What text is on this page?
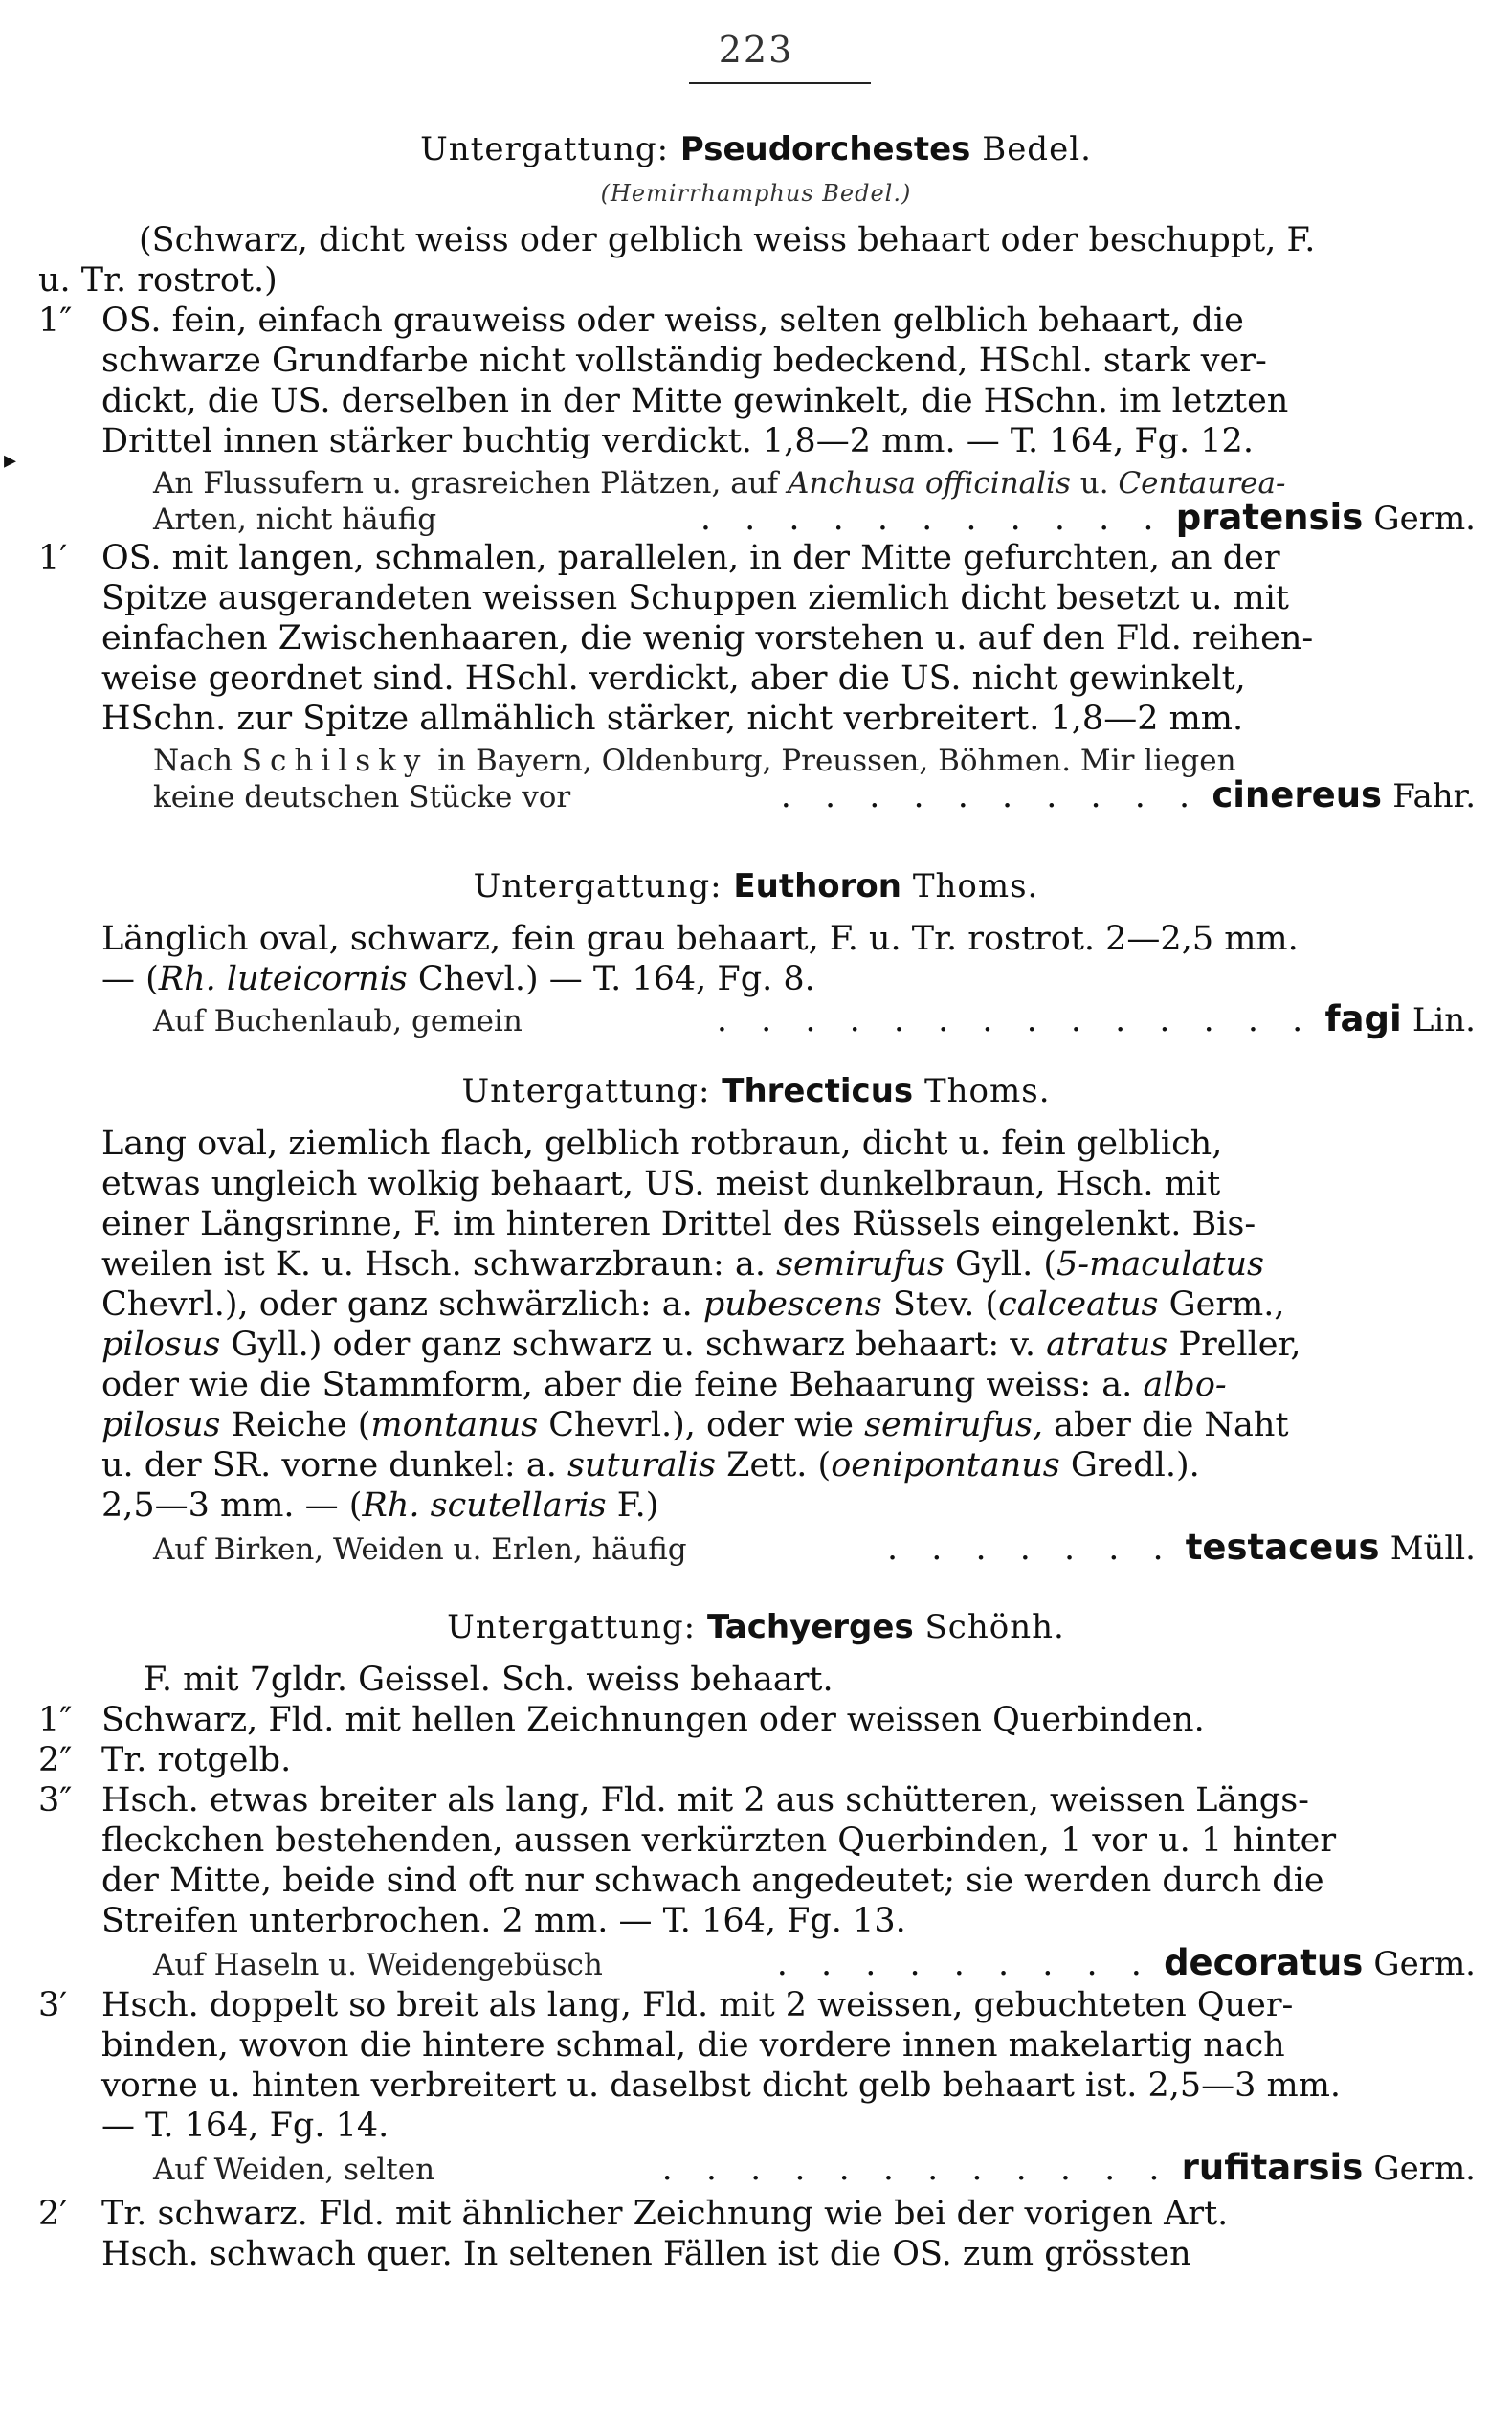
223
Untergattung: Pseudorchestes Bedel.
(Hemirrhamphus Bedel.)
(Schwarz, dicht weiss oder gelblich weiss behaart oder beschuppt, F.
u. Tr. rostrot.)
1″ OS. fein, einfach grauweiss oder weiss, selten gelblich behaart, die
schwarze Grundfarbe nicht vollständig bedeckend, HSchl. stark ver-
dickt, die US. derselben in der Mitte gewinkelt, die HSchn. im letzten
Drittel innen stärker buchtig verdickt. 1,8—2 mm. — T. 164, Fg. 12.
▸
An Flussufern u. grasreichen Plätzen, auf Anchusa officinalis u. Centaurea-
Arten, nicht häufig	. . . . . . . . . . . pratensis Germ.
1′ OS. mit langen, schmalen, parallelen, in der Mitte gefurchten, an der
Spitze ausgerandeten weissen Schuppen ziemlich dicht besetzt u. mit
einfachen Zwischenhaaren, die wenig vorstehen u. auf den Fld. reihen-
weise geordnet sind. HSchl. verdickt, aber die US. nicht gewinkelt,
HSchn. zur Spitze allmählich stärker, nicht verbreitert. 1,8—2 mm.
Nach Schilsky in Bayern, Oldenburg, Preussen, Böhmen. Mir liegen
keine deutschen Stücke vor	. . . . . . . . . . cinereus Fahr.
Untergattung: Euthoron Thoms.
Länglich oval, schwarz, fein grau behaart, F. u. Tr. rostrot. 2—2,5 mm.
— (Rh. luteicornis Chevl.) — T. 164, Fg. 8.
Auf Buchenlaub, gemein	. . . . . . . . . . . . . . fagi Lin.
Untergattung: Threcticus Thoms.
Lang oval, ziemlich flach, gelblich rotbraun, dicht u. fein gelblich,
etwas ungleich wolkig behaart, US. meist dunkelbraun, Hsch. mit
einer Längsrinne, F. im hinteren Drittel des Rüssels eingelenkt. Bis-
weilen ist K. u. Hsch. schwarzbraun: a. semirufus Gyll. (5-maculatus
Chevrl.), oder ganz schwärzlich: a. pubescens Stev. (calceatus Germ.,
pilosus Gyll.) oder ganz schwarz u. schwarz behaart: v. atratus Preller,
oder wie die Stammform, aber die feine Behaarung weiss: a. albo-
pilosus Reiche (montanus Chevrl.), oder wie semirufus, aber die Naht
u. der SR. vorne dunkel: a. suturalis Zett. (oenipontanus Gredl.).
2,5—3 mm. — (Rh. scutellaris F.)
Auf Birken, Weiden u. Erlen, häufig	. . . . . . . testaceus Müll.
Untergattung: Tachyerges Schönh.
F. mit 7gldr. Geissel. Sch. weiss behaart.
1″ Schwarz, Fld. mit hellen Zeichnungen oder weissen Querbinden.
2″ Tr. rotgelb.
3″ Hsch. etwas breiter als lang, Fld. mit 2 aus schütteren, weissen Längs-
fleckchen bestehenden, aussen verkürzten Querbinden, 1 vor u. 1 hinter
der Mitte, beide sind oft nur schwach angedeutet; sie werden durch die
Streifen unterbrochen. 2 mm. — T. 164, Fg. 13.
Auf Haseln u. Weidengebüsch	. . . . . . . . . decoratus Germ.
3′ Hsch. doppelt so breit als lang, Fld. mit 2 weissen, gebuchteten Quer-
binden, wovon die hintere schmal, die vordere innen makelartig nach
vorne u. hinten verbreitert u. daselbst dicht gelb behaart ist. 2,5—3 mm.
— T. 164, Fg. 14.
Auf Weiden, selten	. . . . . . . . . . . . rufitarsis Germ.
2′ Tr. schwarz. Fld. mit ähnlicher Zeichnung wie bei der vorigen Art.
Hsch. schwach quer. In seltenen Fällen ist die OS. zum grössten
